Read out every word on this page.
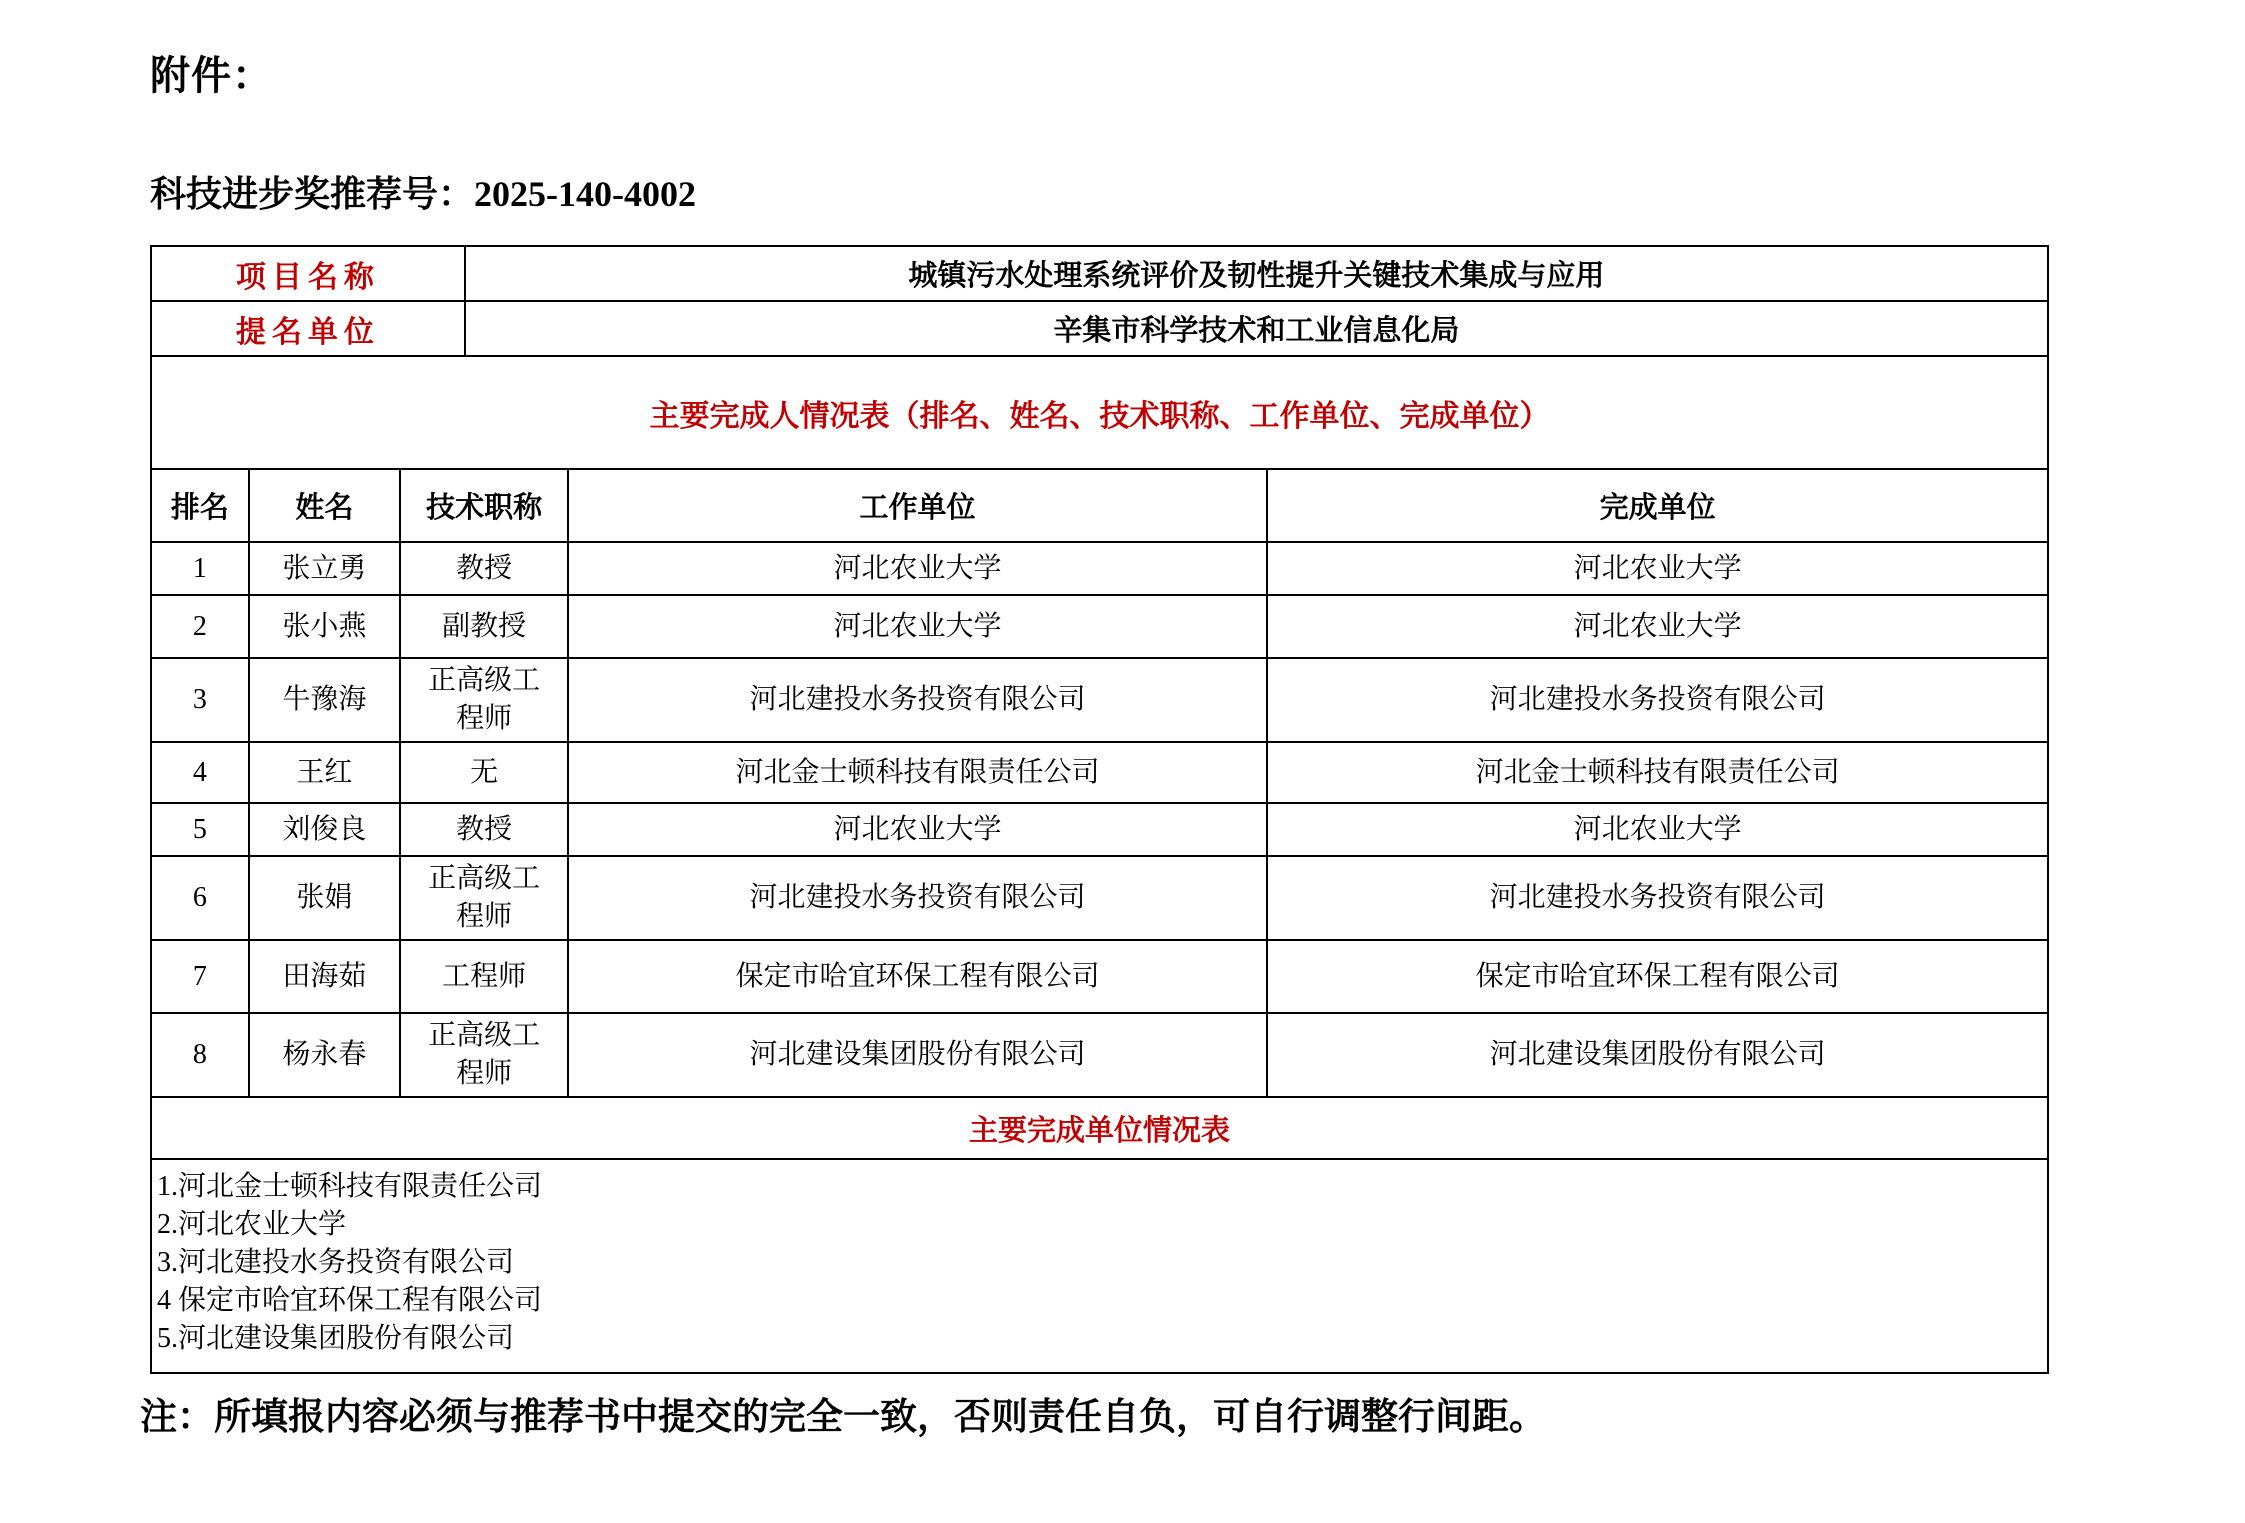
附件：
科技进步奖推荐号：2025-140-4002
项目名称	城镇污水处理系统评价及韧性提升关键技术集成与应用
提名单位	辛集市科学技术和工业信息化局
主要完成人情况表（排名、姓名、技术职称、工作单位、完成单位）
排名	姓名	技术职称	工作单位	完成单位
1	张立勇	教授	河北农业大学	河北农业大学
2	张小燕	副教授	河北农业大学	河北农业大学
3	牛豫海	正高级工程师	河北建投水务投资有限公司	河北建投水务投资有限公司
4	王红	无	河北金士顿科技有限责任公司	河北金士顿科技有限责任公司
5	刘俊良	教授	河北农业大学	河北农业大学
6	张娟	正高级工程师	河北建投水务投资有限公司	河北建投水务投资有限公司
7	田海茹	工程师	保定市哈宜环保工程有限公司	保定市哈宜环保工程有限公司
8	杨永春	正高级工程师	河北建设集团股份有限公司	河北建设集团股份有限公司
主要完成单位情况表
1.河北金士顿科技有限责任公司
2.河北农业大学
3.河北建投水务投资有限公司
4 保定市哈宜环保工程有限公司
5.河北建设集团股份有限公司
注：所填报内容必须与推荐书中提交的完全一致，否则责任自负，可自行调整行间距。
